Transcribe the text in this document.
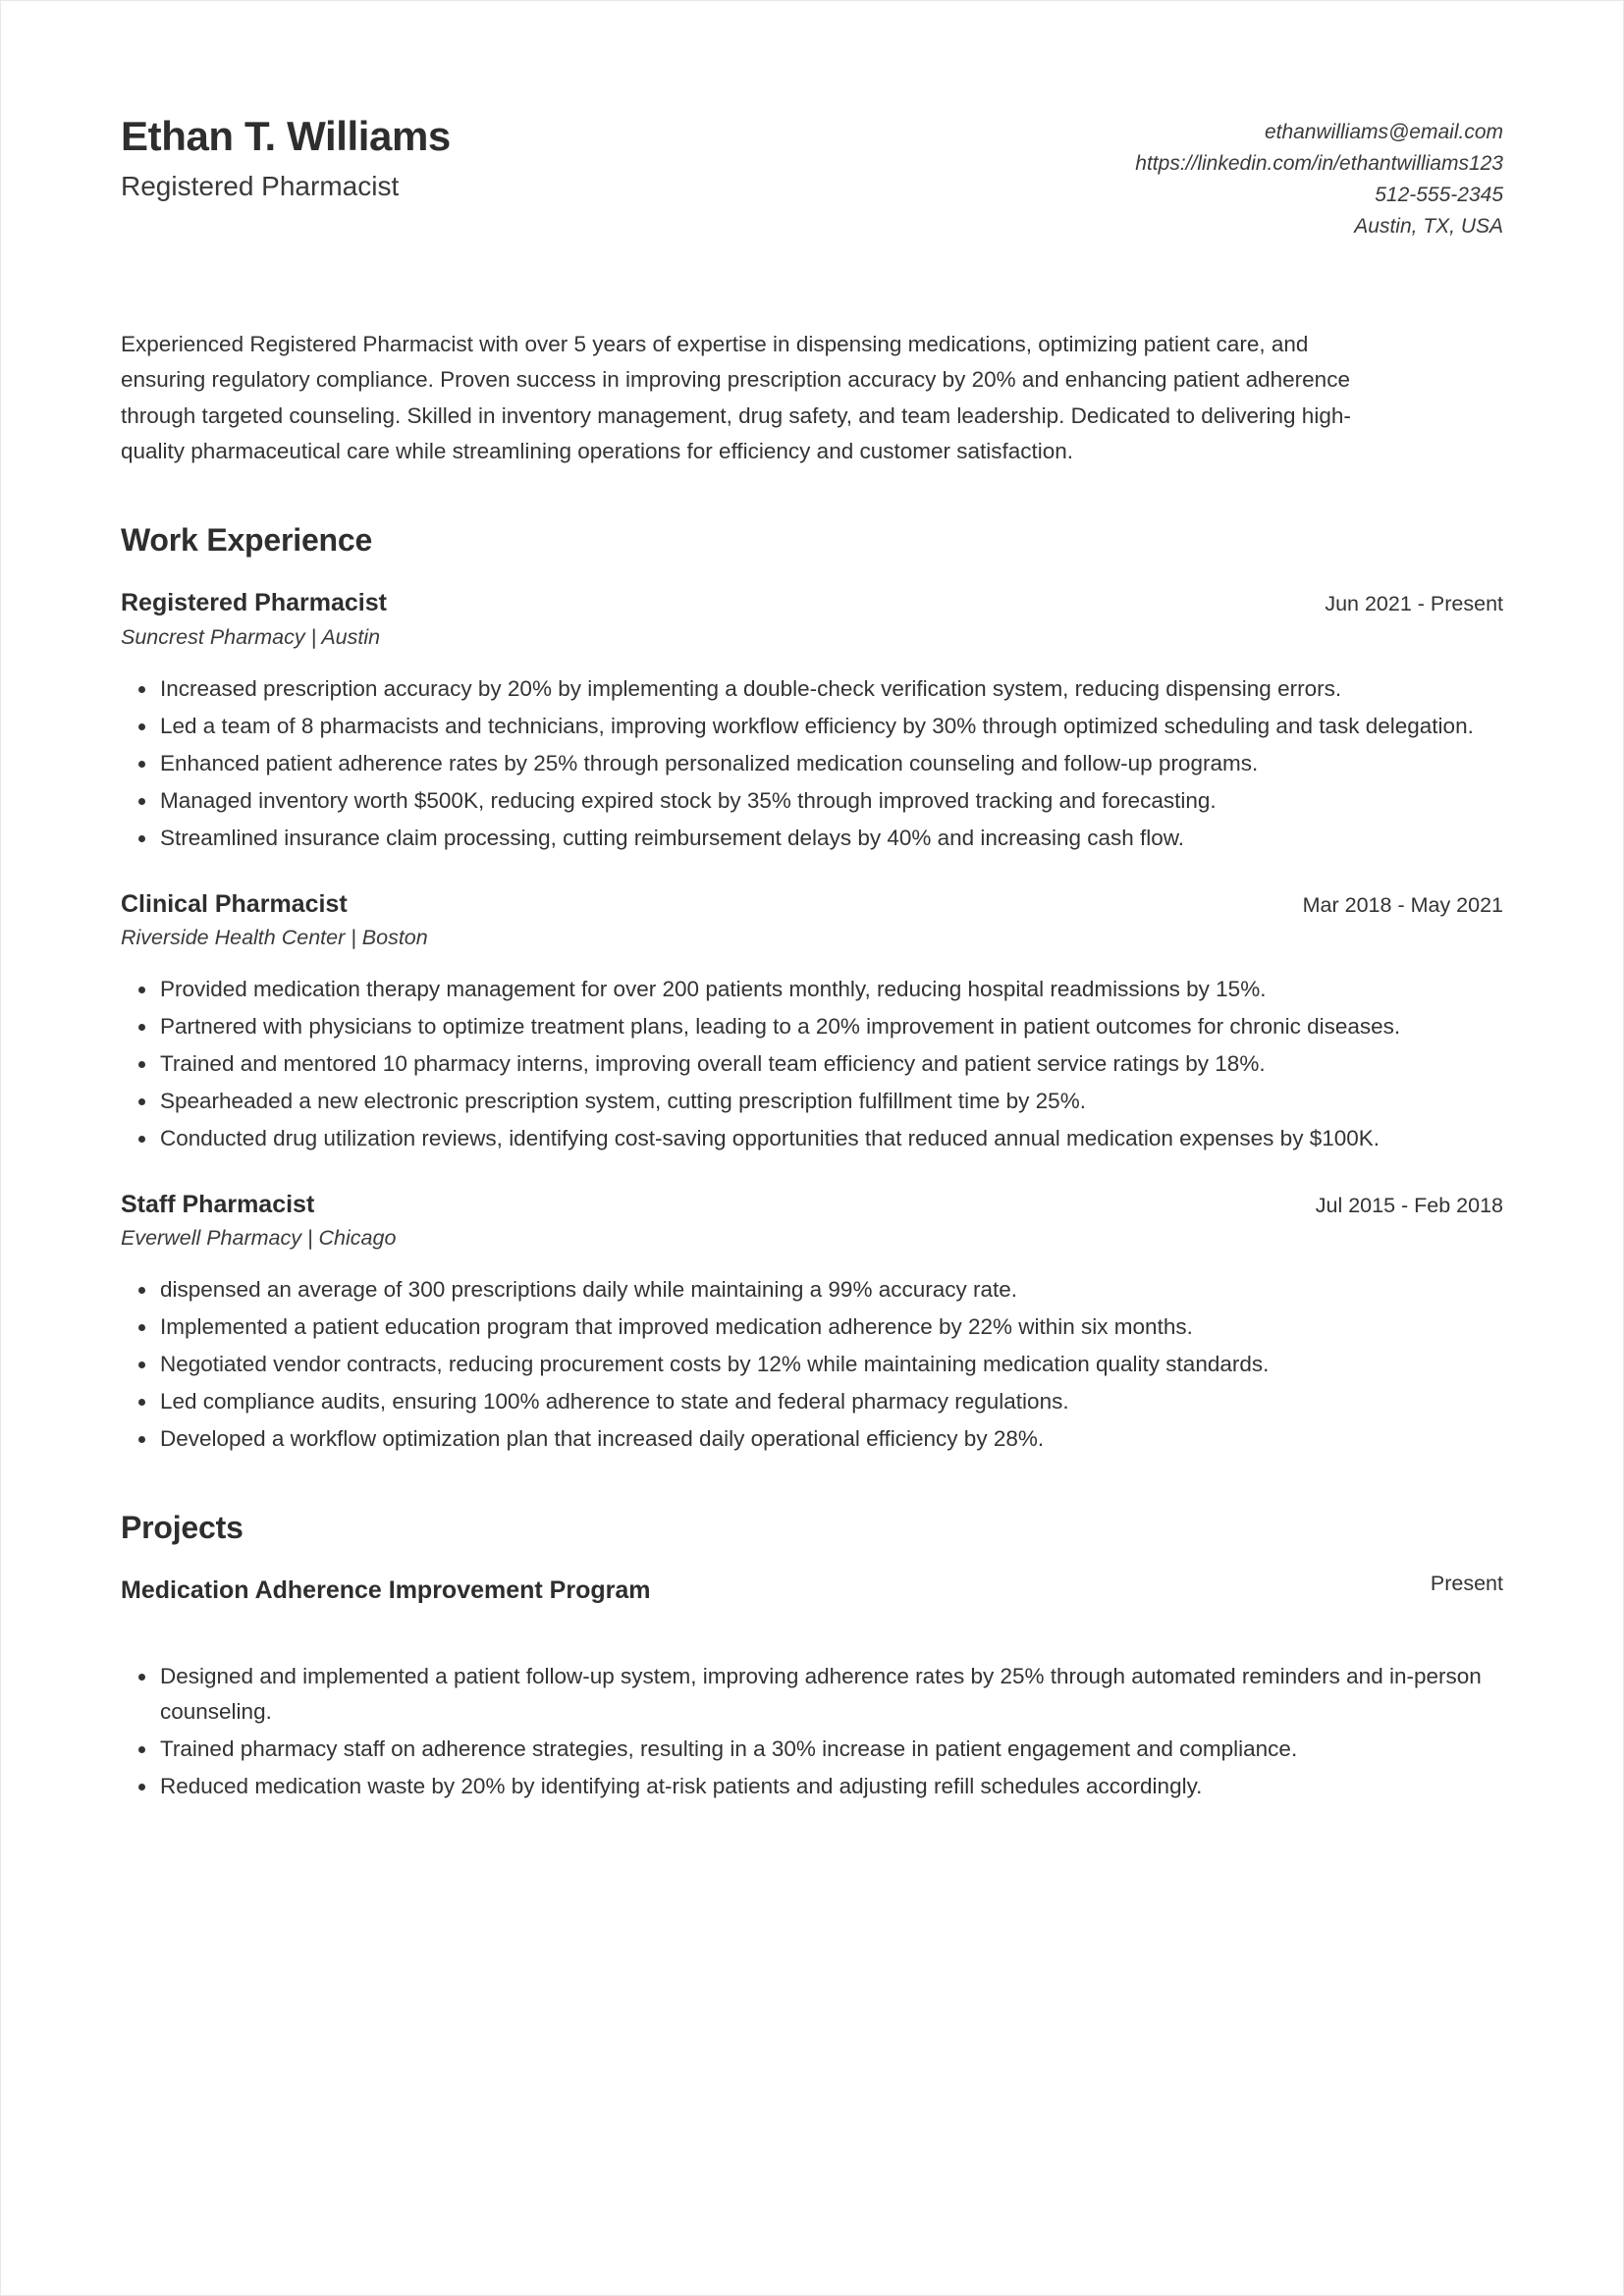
Ethan T. Williams
Registered Pharmacist
ethanwilliams@email.com
https://linkedin.com/in/ethantwilliams123
512-555-2345
Austin, TX, USA
Experienced Registered Pharmacist with over 5 years of expertise in dispensing medications, optimizing patient care, and ensuring regulatory compliance. Proven success in improving prescription accuracy by 20% and enhancing patient adherence through targeted counseling. Skilled in inventory management, drug safety, and team leadership. Dedicated to delivering high-quality pharmaceutical care while streamlining operations for efficiency and customer satisfaction.
Work Experience
Registered Pharmacist	Jun 2021 - Present
Suncrest Pharmacy | Austin
Increased prescription accuracy by 20% by implementing a double-check verification system, reducing dispensing errors.
Led a team of 8 pharmacists and technicians, improving workflow efficiency by 30% through optimized scheduling and task delegation.
Enhanced patient adherence rates by 25% through personalized medication counseling and follow-up programs.
Managed inventory worth $500K, reducing expired stock by 35% through improved tracking and forecasting.
Streamlined insurance claim processing, cutting reimbursement delays by 40% and increasing cash flow.
Clinical Pharmacist	Mar 2018 - May 2021
Riverside Health Center | Boston
Provided medication therapy management for over 200 patients monthly, reducing hospital readmissions by 15%.
Partnered with physicians to optimize treatment plans, leading to a 20% improvement in patient outcomes for chronic diseases.
Trained and mentored 10 pharmacy interns, improving overall team efficiency and patient service ratings by 18%.
Spearheaded a new electronic prescription system, cutting prescription fulfillment time by 25%.
Conducted drug utilization reviews, identifying cost-saving opportunities that reduced annual medication expenses by $100K.
Staff Pharmacist	Jul 2015 - Feb 2018
Everwell Pharmacy | Chicago
dispensed an average of 300 prescriptions daily while maintaining a 99% accuracy rate.
Implemented a patient education program that improved medication adherence by 22% within six months.
Negotiated vendor contracts, reducing procurement costs by 12% while maintaining medication quality standards.
Led compliance audits, ensuring 100% adherence to state and federal pharmacy regulations.
Developed a workflow optimization plan that increased daily operational efficiency by 28%.
Projects
Medication Adherence Improvement Program	Present
Designed and implemented a patient follow-up system, improving adherence rates by 25% through automated reminders and in-person counseling.
Trained pharmacy staff on adherence strategies, resulting in a 30% increase in patient engagement and compliance.
Reduced medication waste by 20% by identifying at-risk patients and adjusting refill schedules accordingly.
